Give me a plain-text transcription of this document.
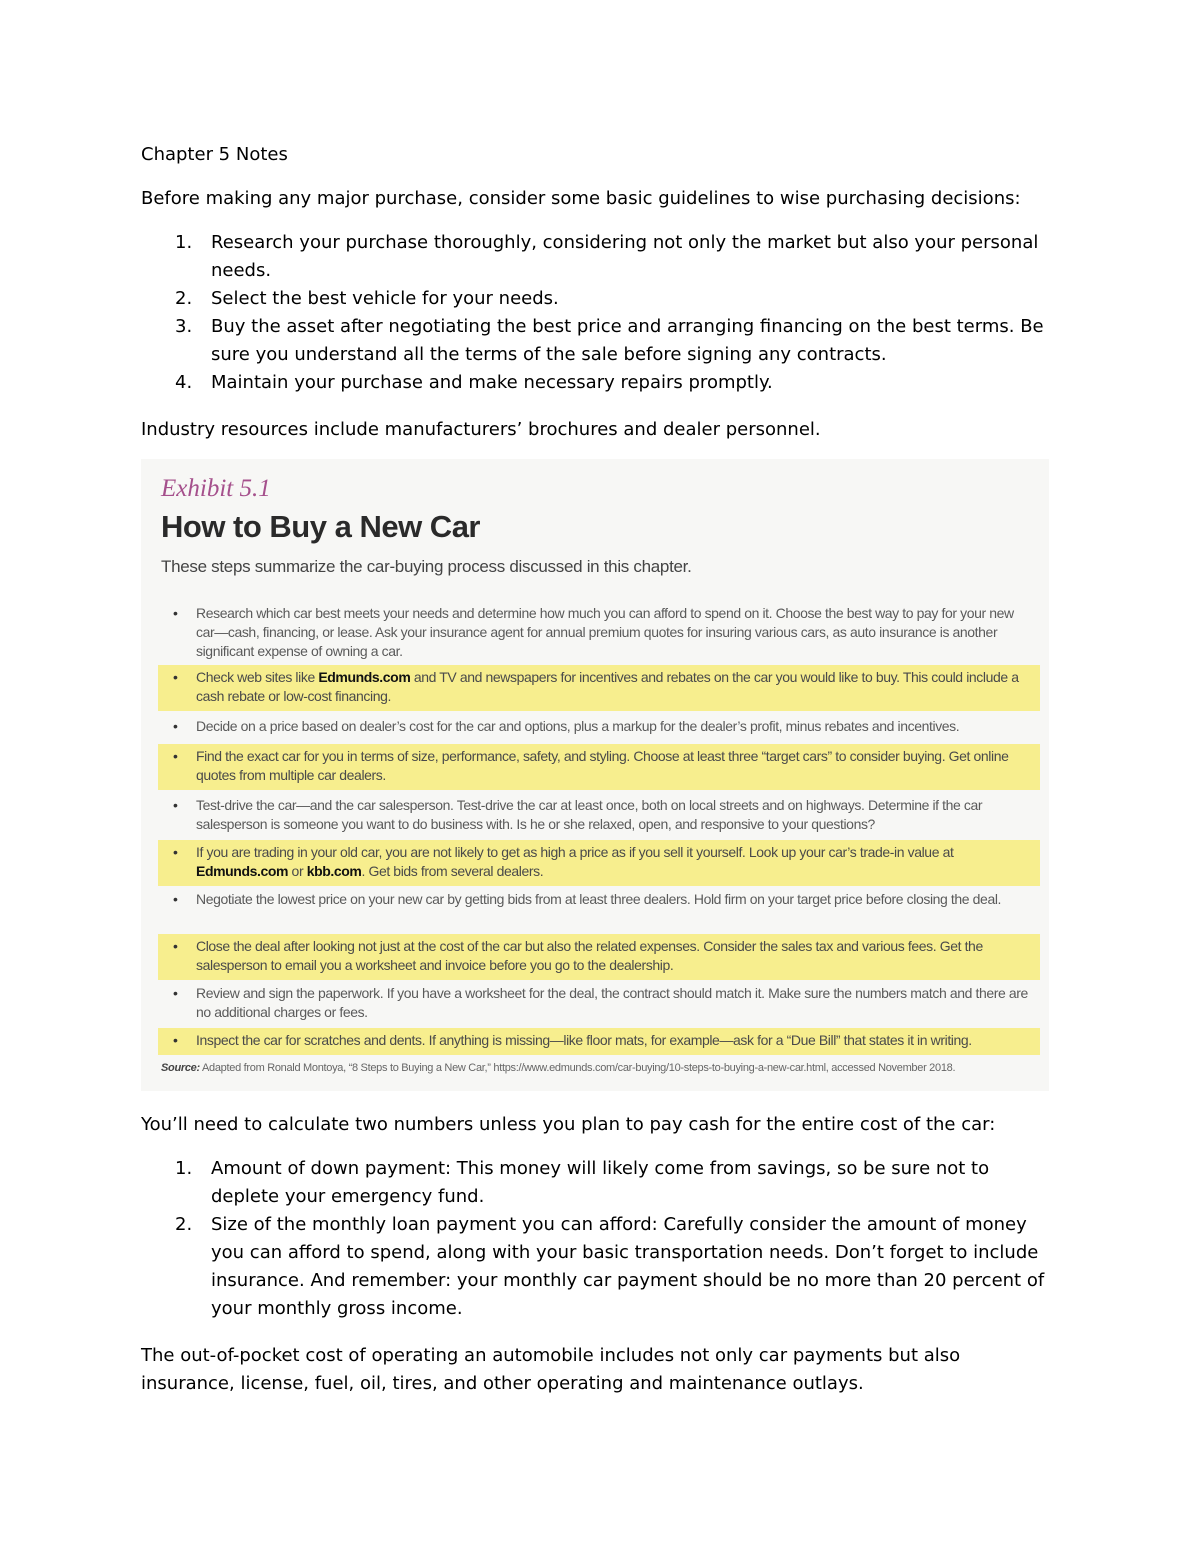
Chapter 5 Notes
Before making any major purchase, consider some basic guidelines to wise purchasing decisions:
1.	Research your purchase thoroughly, considering not only the market but also your personal needs.
2.	Select the best vehicle for your needs.
3.	Buy the asset after negotiating the best price and arranging financing on the best terms. Be sure you understand all the terms of the sale before signing any contracts.
4.	Maintain your purchase and make necessary repairs promptly.
Industry resources include manufacturers’ brochures and dealer personnel.
Exhibit 5.1
How to Buy a New Car
These steps summarize the car-buying process discussed in this chapter.
• Research which car best meets your needs and determine how much you can afford to spend on it. Choose the best way to pay for your new car—cash, financing, or lease. Ask your insurance agent for annual premium quotes for insuring various cars, as auto insurance is another significant expense of owning a car.
• Check web sites like Edmunds.com and TV and newspapers for incentives and rebates on the car you would like to buy. This could include a cash rebate or low-cost financing.
• Decide on a price based on dealer’s cost for the car and options, plus a markup for the dealer’s profit, minus rebates and incentives.
• Find the exact car for you in terms of size, performance, safety, and styling. Choose at least three “target cars” to consider buying. Get online quotes from multiple car dealers.
• Test-drive the car—and the car salesperson. Test-drive the car at least once, both on local streets and on highways. Determine if the car salesperson is someone you want to do business with. Is he or she relaxed, open, and responsive to your questions?
• If you are trading in your old car, you are not likely to get as high a price as if you sell it yourself. Look up your car’s trade-in value at Edmunds.com or kbb.com. Get bids from several dealers.
• Negotiate the lowest price on your new car by getting bids from at least three dealers. Hold firm on your target price before closing the deal.
• Close the deal after looking not just at the cost of the car but also the related expenses. Consider the sales tax and various fees. Get the salesperson to email you a worksheet and invoice before you go to the dealership.
• Review and sign the paperwork. If you have a worksheet for the deal, the contract should match it. Make sure the numbers match and there are no additional charges or fees.
• Inspect the car for scratches and dents. If anything is missing—like floor mats, for example—ask for a “Due Bill” that states it in writing.
Source: Adapted from Ronald Montoya, “8 Steps to Buying a New Car,” https://www.edmunds.com/car-buying/10-steps-to-buying-a-new-car.html, accessed November 2018.
You’ll need to calculate two numbers unless you plan to pay cash for the entire cost of the car:
1.	Amount of down payment: This money will likely come from savings, so be sure not to deplete your emergency fund.
2.	Size of the monthly loan payment you can afford: Carefully consider the amount of money you can afford to spend, along with your basic transportation needs. Don’t forget to include insurance. And remember: your monthly car payment should be no more than 20 percent of your monthly gross income.
The out-of-pocket cost of operating an automobile includes not only car payments but also insurance, license, fuel, oil, tires, and other operating and maintenance outlays.
